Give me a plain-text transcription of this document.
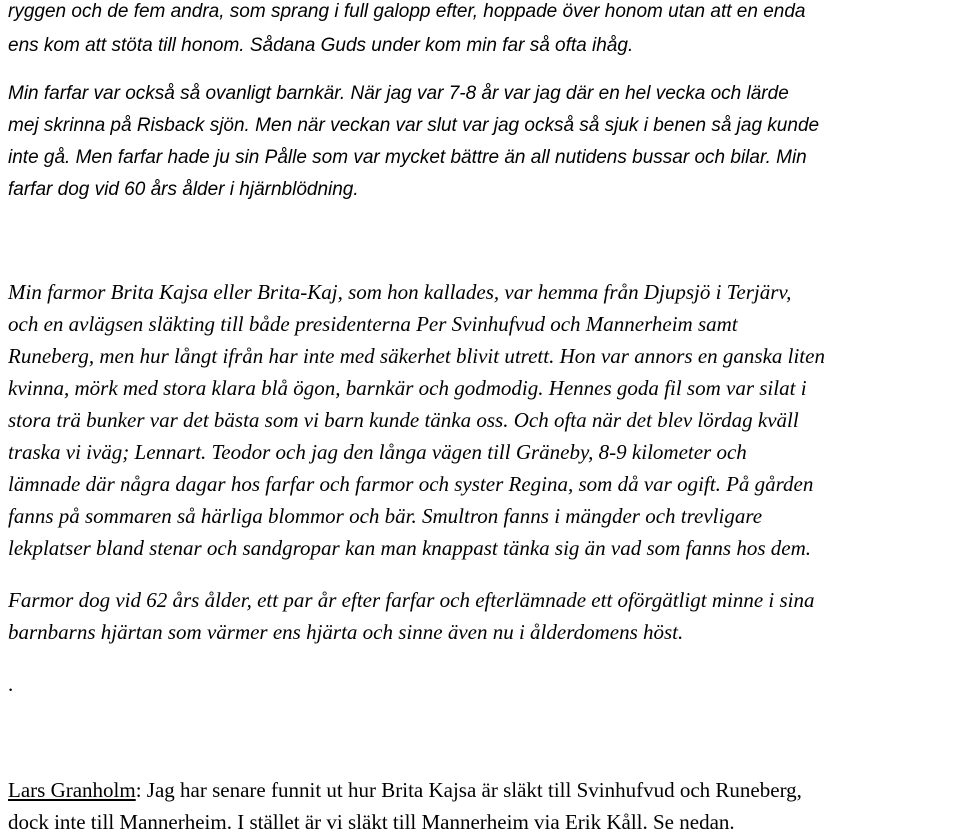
ryggen och de fem andra, som sprang i full galopp efter, hoppade över honom utan att en enda
ens kom att stöta till honom. Sådana Guds under kom min far så ofta ihåg.
Min farfar var också så ovanligt barnkär. När jag var 7-8 år var jag där en hel vecka och lärde
mej skrinna på Risback sjön. Men när veckan var slut var jag också så sjuk i benen så jag kunde
inte gå. Men farfar hade ju sin Pålle som var mycket bättre än all nutidens bussar och bilar. Min
farfar dog vid 60 års ålder i hjärnblödning.
Min farmor Brita Kajsa eller Brita-Kaj, som hon kallades, var hemma från Djupsjö i Terjärv,
och en avlägsen släkting till både presidenterna Per Svinhufvud och Mannerheim samt
Runeberg, men hur långt ifrån har inte med säkerhet blivit utrett. Hon var annors en ganska liten
kvinna, mörk med stora klara blå ögon, barnkär och godmodig. Hennes goda fil som var silat i
stora trä bunker var det bästa som vi barn kunde tänka oss. Och ofta när det blev lördag kväll
traska vi iväg; Lennart. Teodor och jag den långa vägen till Gräneby, 8-9 kilometer och
lämnade där några dagar hos farfar och farmor och syster Regina, som då var ogift. På gården
fanns på sommaren så härliga blommor och bär. Smultron fanns i mängder och trevligare
lekplatser bland stenar och sandgropar kan man knappast tänka sig än vad som fanns hos dem.
Farmor dog vid 62 års ålder, ett par år efter farfar och efterlämnade ett oförgätligt minne i sina
barnbarns hjärtan som värmer ens hjärta och sinne även nu i ålderdomens höst.
.
Lars Granholm: Jag har senare funnit ut hur Brita Kajsa är släkt till Svinhufvud och Runeberg,
dock inte till Mannerheim. I stället är vi släkt till Mannerheim via Erik Kåll. Se nedan.
